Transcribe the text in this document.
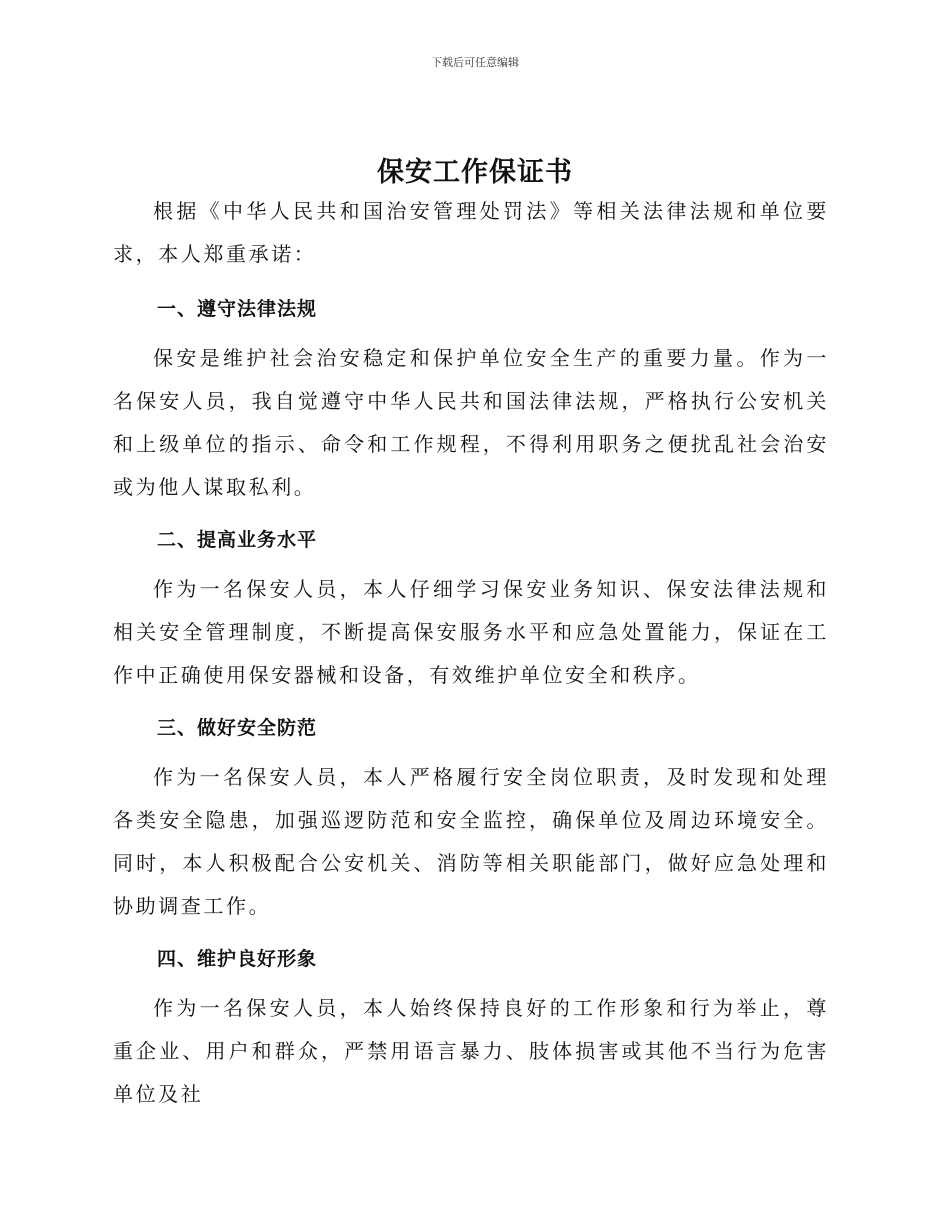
下载后可任意编辑
保安工作保证书

根据《中华人民共和国治安管理处罚法》等相关法律法规和单位要求，本人郑重承诺：

一、遵守法律法规

保安是维护社会治安稳定和保护单位安全生产的重要力量。作为一名保安人员，我自觉遵守中华人民共和国法律法规，严格执行公安机关和上级单位的指示、命令和工作规程，不得利用职务之便扰乱社会治安或为他人谋取私利。

二、提高业务水平

作为一名保安人员，本人仔细学习保安业务知识、保安法律法规和相关安全管理制度，不断提高保安服务水平和应急处置能力，保证在工作中正确使用保安器械和设备，有效维护单位安全和秩序。

三、做好安全防范

作为一名保安人员，本人严格履行安全岗位职责，及时发现和处理各类安全隐患，加强巡逻防范和安全监控，确保单位及周边环境安全。同时，本人积极配合公安机关、消防等相关职能部门，做好应急处理和协助调查工作。

四、维护良好形象

作为一名保安人员，本人始终保持良好的工作形象和行为举止，尊重企业、用户和群众，严禁用语言暴力、肢体损害或其他不当行为危害单位及社
